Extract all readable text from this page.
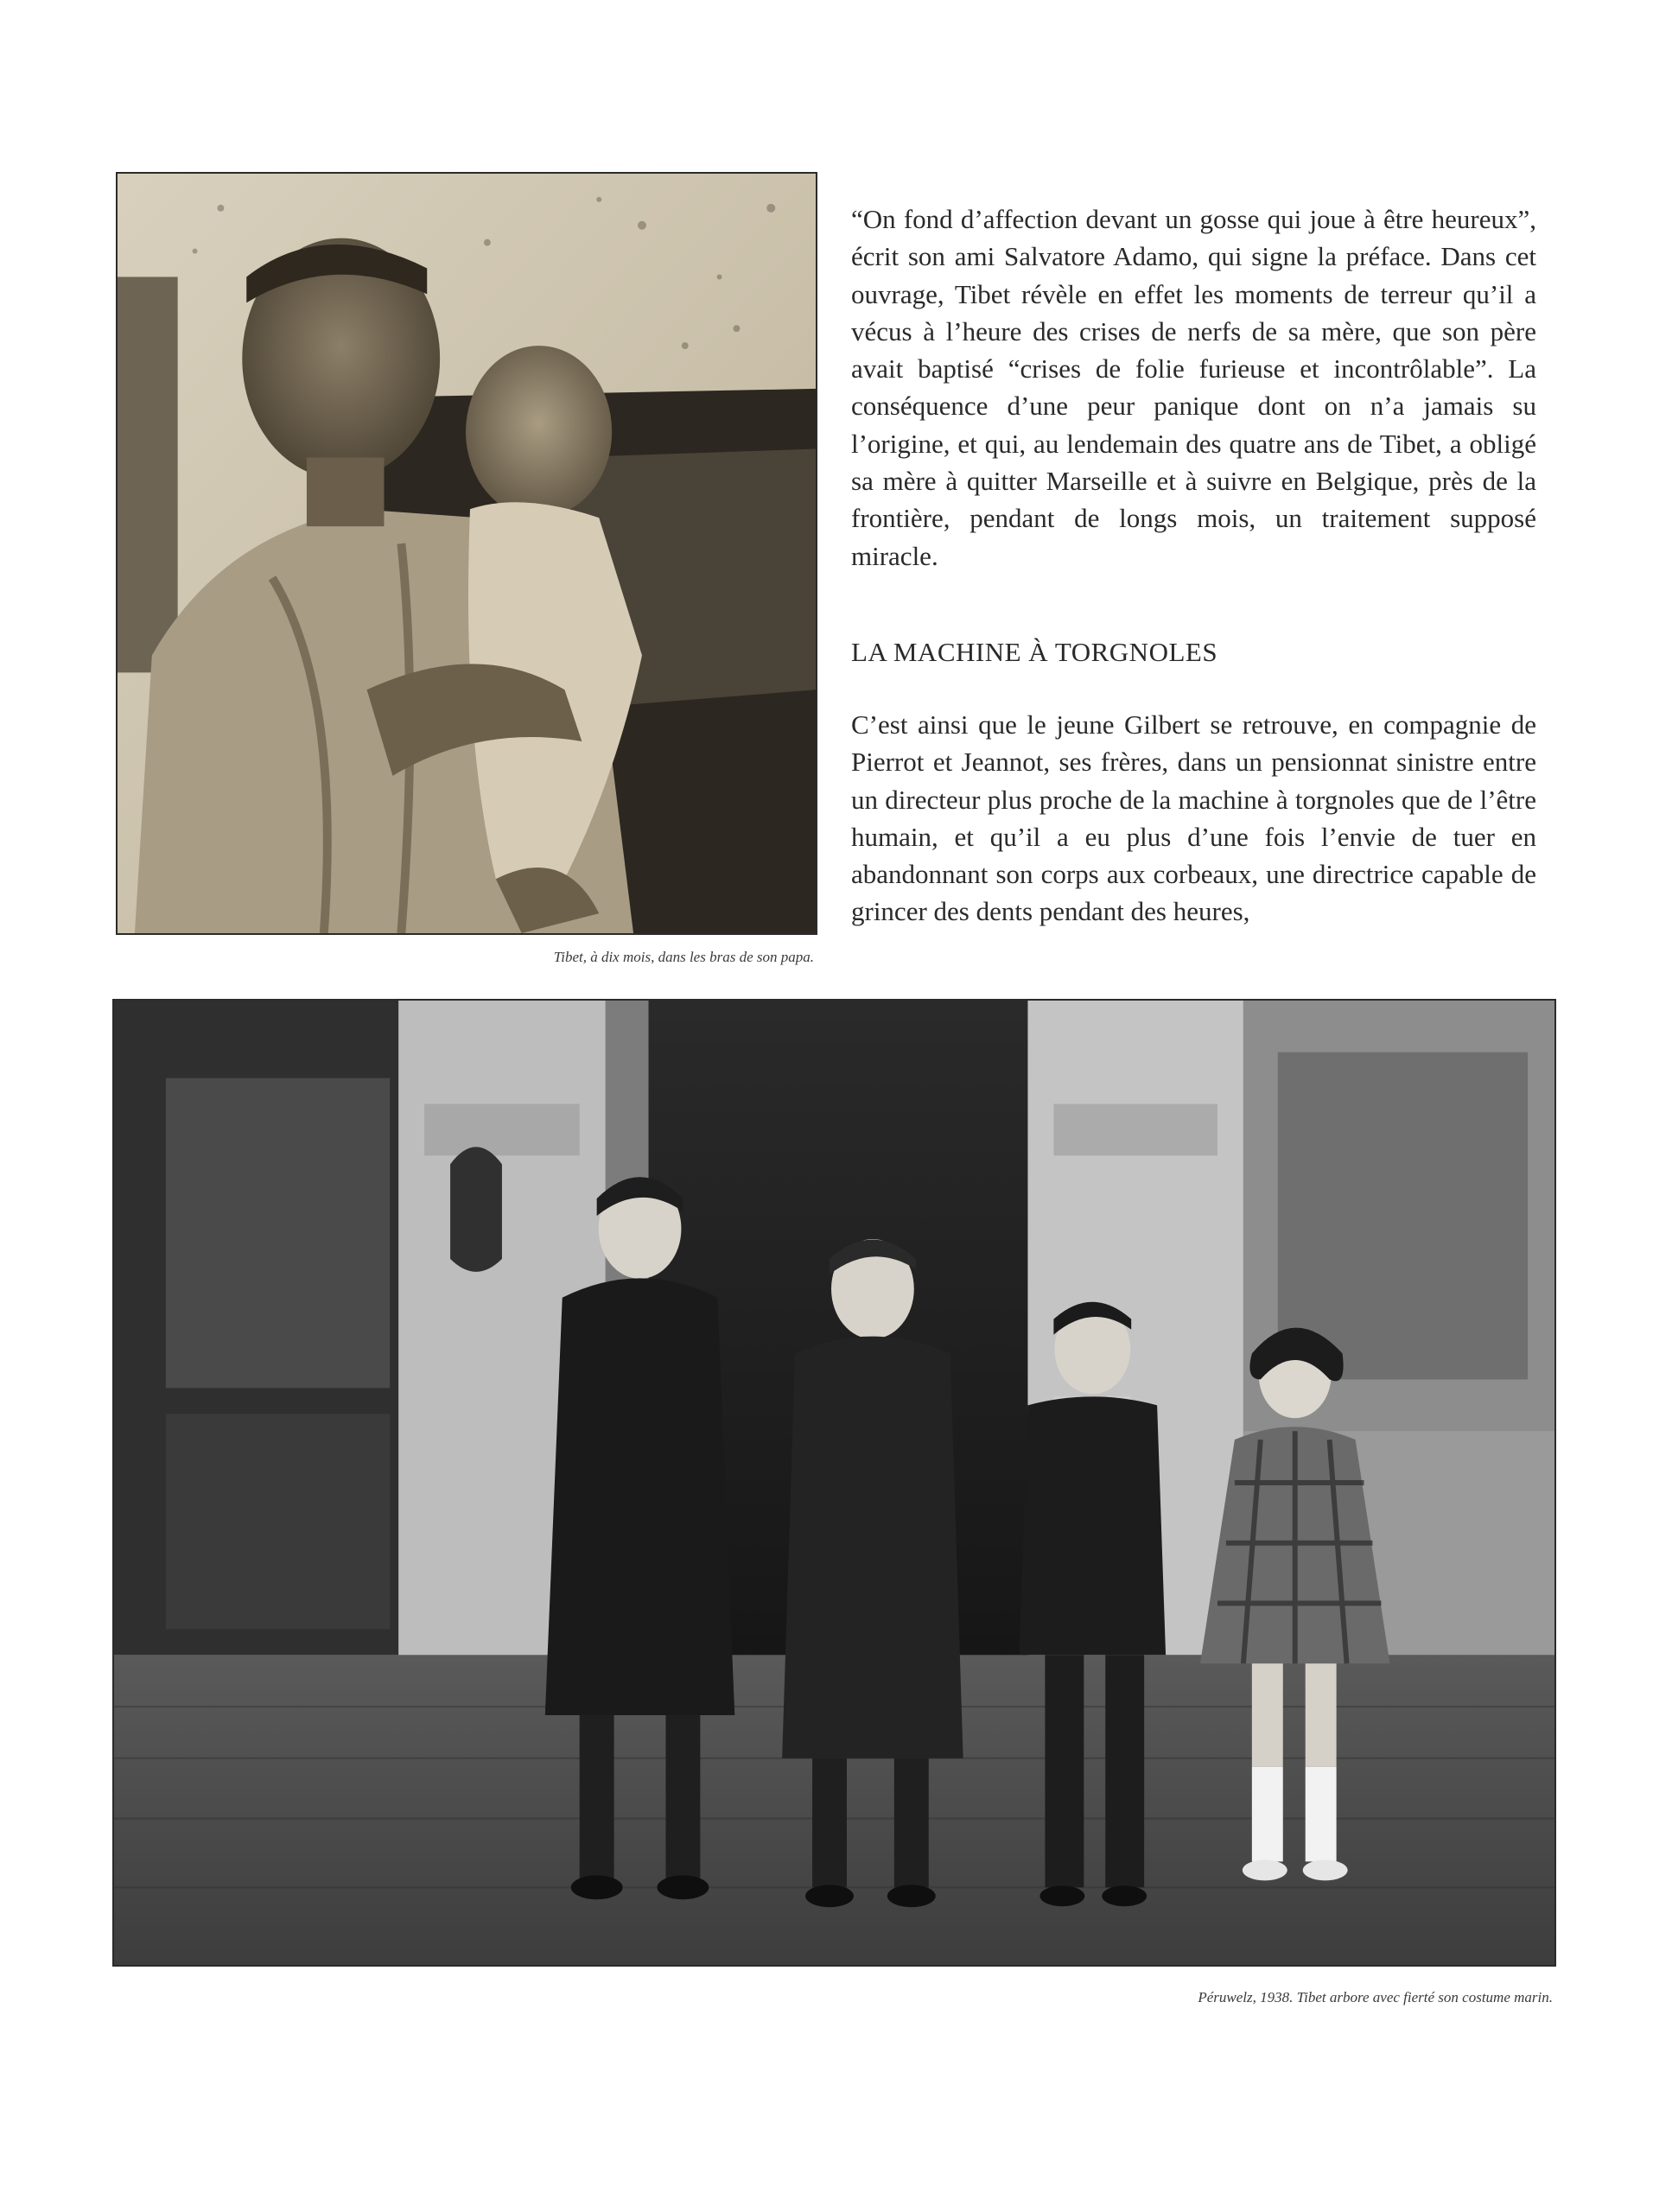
Tibet, à dix mois, dans les bras de son papa.

“On fond d’affection devant un gosse qui joue à être heureux”, écrit son ami Salvatore Adamo, qui signe la préface. Dans cet ouvrage, Tibet révèle en effet les moments de terreur qu’il a vécus à l’heure des crises de nerfs de sa mère, que son père avait baptisé “crises de folie furieuse et incontrôlable”. La conséquence d’une peur panique dont on n’a jamais su l’origine, et qui, au lendemain des quatre ans de Tibet, a obligé sa mère à quitter Marseille et à suivre en Belgique, près de la frontière, pendant de longs mois, un traitement supposé miracle.

LA MACHINE À TORGNOLES

C’est ainsi que le jeune Gilbert se retrouve, en compagnie de Pierrot et Jeannot, ses frères, dans un pensionnat sinistre entre un directeur plus proche de la machine à torgnoles que de l’être humain, et qu’il a eu plus d’une fois l’envie de tuer en abandonnant son corps aux corbeaux, une directrice capable de grincer des dents pendant des heures,

Péruwelz, 1938. Tibet arbore avec fierté son costume marin.
